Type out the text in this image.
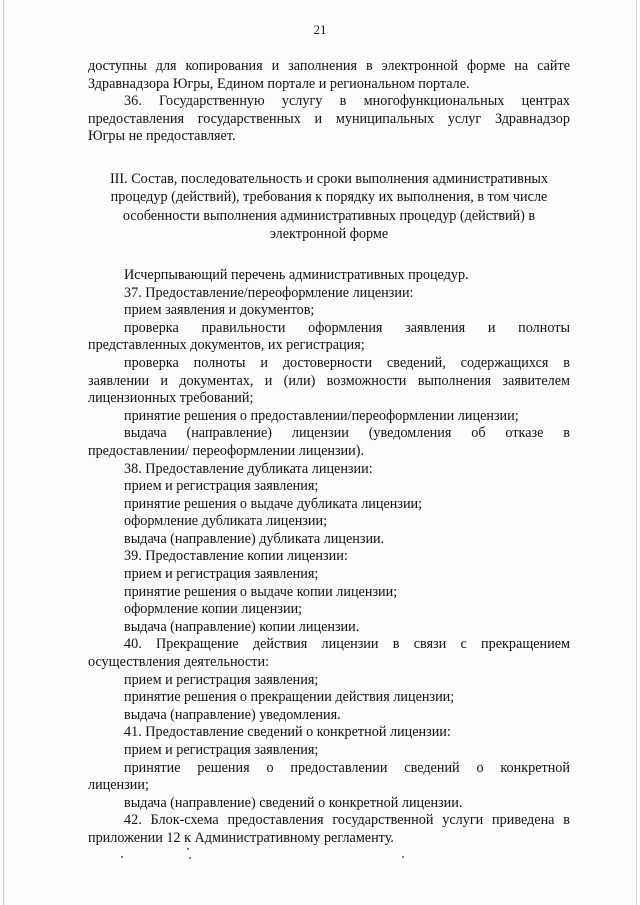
21

доступны для копирования и заполнения в электронной форме на сайте

Здравнадзора Югры, Едином портале и региональном портале.

36. Государственную услугу в многофункциональных центрах

предоставления государственных и муниципальных услуг Здравнадзор

Югры не предоставляет.

III. Состав, последовательность и сроки выполнения административных
процедур (действий), требования к порядку их выполнения, в том числе
особенности выполнения административных процедур (действий) в
электронной форме

Исчерпывающий перечень административных процедур.

37. Предоставление/переоформление лицензии:

прием заявления и документов;

проверка правильности оформления заявления и полноты

представленных документов, их регистрация;

проверка полноты и достоверности сведений, содержащихся в

заявлении и документах, и (или) возможности выполнения заявителем

лицензионных требований;

принятие решения о предоставлении/переоформлении лицензии;

выдача (направление) лицензии (уведомления об отказе в

предоставлении/ переоформлении лицензии).

38. Предоставление дубликата лицензии:

прием и регистрация заявления;

принятие решения о выдаче дубликата лицензии;

оформление дубликата лицензии;

выдача (направление) дубликата лицензии.

39. Предоставление копии лицензии:

прием и регистрация заявления;

принятие решения о выдаче копии лицензии;

оформление копии лицензии;

выдача (направление) копии лицензии.

40. Прекращение действия лицензии в связи с прекращением

осуществления деятельности:

прием и регистрация заявления;

принятие решения о прекращении действия лицензии;

выдача (направление) уведомления.

41. Предоставление сведений о конкретной лицензии:

прием и регистрация заявления;

принятие решения о предоставлении сведений о конкретной

лицензии;

выдача (направление) сведений о конкретной лицензии.

42. Блок-схема предоставления государственной услуги приведена в

приложении 12 к Административному регламенту.
